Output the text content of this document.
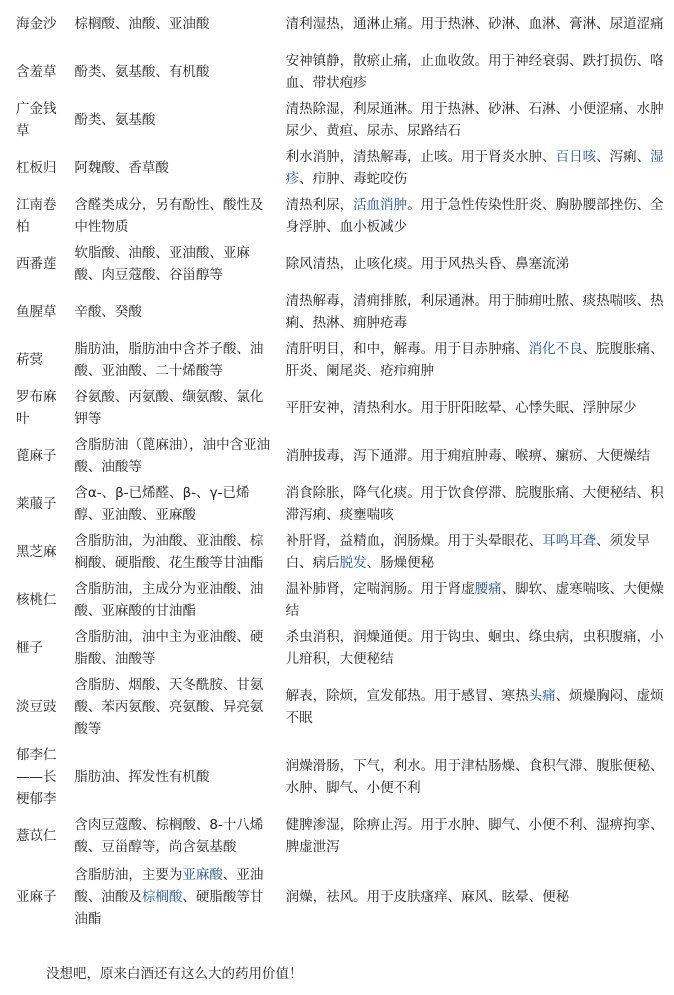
海金沙	棕榈酸、油酸、亚油酸	清利湿热，通淋止痛。用于热淋、砂淋、血淋、膏淋、尿道涩痛
含羞草	酚类、氨基酸、有机酸	安神镇静，散瘀止痛，止血收敛。用于神经衰弱、跌打损伤、咯血、带状疱疹
广金钱草	酚类、氨基酸	清热除湿，利尿通淋。用于热淋、砂淋、石淋、小便涩痛、水肿尿少、黄疸、尿赤、尿路结石
杠板归	阿魏酸、香草酸	利水消肿，清热解毒，止咳。用于肾炎水肿、百日咳、泻痢、湿疹、疖肿、毒蛇咬伤
江南卷柏	含醛类成分，另有酚性、酸性及中性物质	清热利尿，活血消肿。用于急性传染性肝炎、胸胁腰部挫伤、全身浮肿、血小板减少
西番莲	软脂酸、油酸、亚油酸、亚麻酸、肉豆蔻酸、谷甾醇等	除风清热，止咳化痰。用于风热头昏、鼻塞流涕
鱼腥草	辛酸、癸酸	清热解毒，清痈排脓，利尿通淋。用于肺痈吐脓、痰热喘咳、热痢、热淋、痈肿疮毒
菥蓂	脂肪油，脂肪油中含芥子酸、油酸、亚油酸、二十烯酸等	清肝明目，和中，解毒。用于目赤肿痛、消化不良、脘腹胀痛、肝炎、阑尾炎、疮疖痈肿
罗布麻叶	谷氨酸、丙氨酸、缬氨酸、氯化钾等	平肝安神，清热利水。用于肝阳眩晕、心悸失眠、浮肿尿少
蓖麻子	含脂肪油（蓖麻油），油中含亚油酸、油酸等	消肿拔毒，泻下通滞。用于痈疽肿毒、喉痹、瘰疬、大便燥结
莱菔子	含α-、β-已烯醛、β-、γ-已烯醇、亚油酸、亚麻酸	消食除胀，降气化痰。用于饮食停滞、脘腹胀痛、大便秘结、积滞泻痢、痰壅喘咳
黑芝麻	含脂肪油，为油酸、亚油酸、棕榈酸、硬脂酸、花生酸等甘油酯	补肝肾，益精血，润肠燥。用于头晕眼花、耳鸣耳聋、须发早白、病后脱发、肠燥便秘
核桃仁	含脂肪油，主成分为亚油酸、油酸、亚麻酸的甘油酯	温补肺肾，定喘润肠。用于肾虚腰痛、脚软、虚寒喘咳、大便燥结
榧子	含脂肪油，油中主为亚油酸、硬脂酸、油酸等	杀虫消积，润燥通便。用于钩虫、蛔虫、绦虫病，虫积腹痛，小儿疳积，大便秘结
淡豆豉	含脂肪、烟酸、天冬酰胺、甘氨酸、苯丙氨酸、亮氨酸、异亮氨酸等	解表，除烦，宣发郁热。用于感冒、寒热头痛、烦燥胸闷、虚烦不眠
郁李仁——长梗郁李	脂肪油、挥发性有机酸	润燥滑肠，下气，利水。用于津枯肠燥、食积气滞、腹胀便秘、水肿、脚气、小便不利
薏苡仁	含肉豆蔻酸、棕榈酸、8-十八烯酸、豆甾醇等，尚含氨基酸	健脾渗湿，除痹止泻。用于水肿、脚气、小便不利、湿痹拘挛、脾虚泄泻
亚麻子	含脂肪油，主要为亚麻酸、亚油酸、油酸及棕榈酸、硬脂酸等甘油酯	润燥，祛风。用于皮肤瘙痒、麻风、眩晕、便秘
没想吧，原来白酒还有这么大的药用价值！
